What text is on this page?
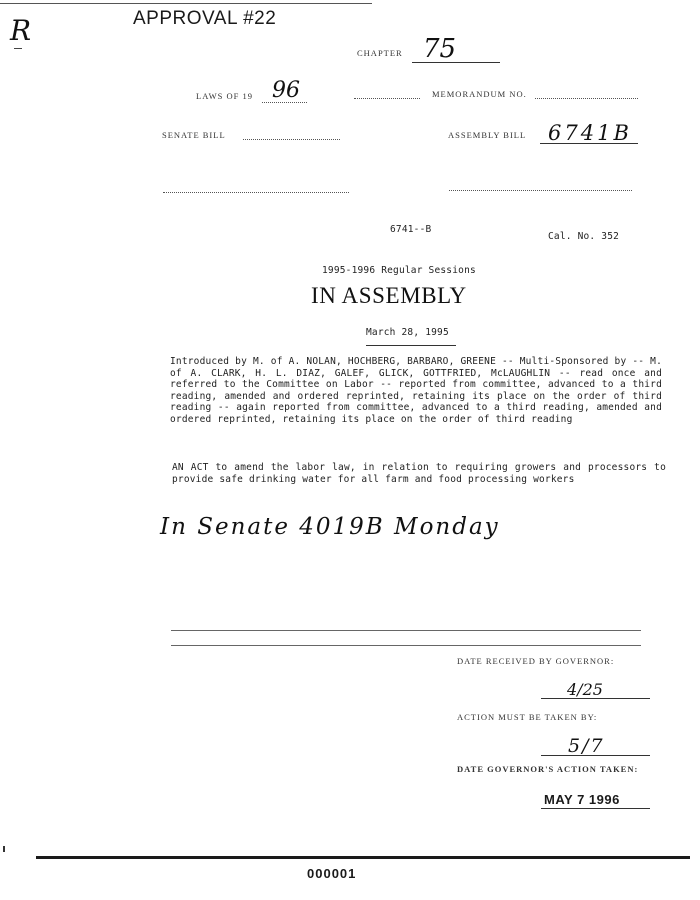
R	APPROVAL #22
CHAPTER 75
LAWS OF 19 96	MEMORANDUM NO.
SENATE BILL	ASSEMBLY BILL 6741B
6741--B
Cal. No. 352
1995-1996 Regular Sessions
IN ASSEMBLY
March 28, 1995
Introduced by M. of A. NOLAN, HOCHBERG, BARBARO, GREENE -- Multi-Sponsored by -- M. of A. CLARK, H. L. DIAZ, GALEF, GLICK, GOTTFRIED, McLAUGHLIN -- read once and referred to the Committee on Labor -- reported from committee, advanced to a third reading, amended and ordered reprinted, retaining its place on the order of third reading -- again reported from committee, advanced to a third reading, amended and ordered reprinted, retaining its place on the order of third reading
AN ACT to amend the labor law, in relation to requiring growers and processors to provide safe drinking water for all farm and food processing workers
In Senate 4019B Monday
DATE RECEIVED BY GOVERNOR:
4/25
ACTION MUST BE TAKEN BY:
5/7
DATE GOVERNOR'S ACTION TAKEN:
MAY 7 1996
000001
